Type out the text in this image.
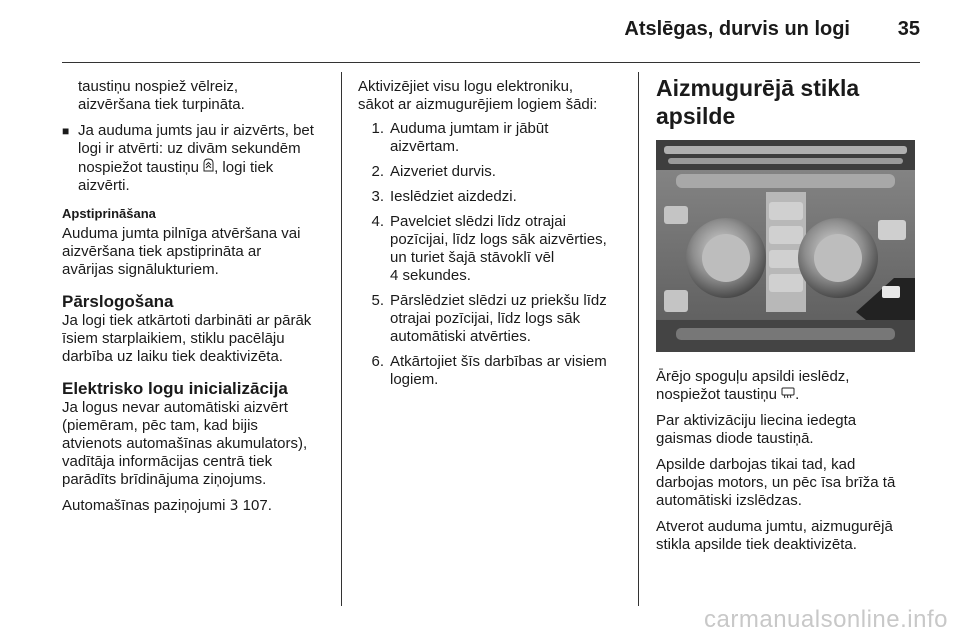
Atslēgas, durvis un logi 35
taustiņu nospiež vēlreiz,
aizvēršana tiek turpināta.
■ Ja auduma jumts jau ir aizvērts, bet
logi ir atvērti: uz divām sekundēm
nospiežot taustiņu , logi tiek
aizvērti.
Apstiprināšana
Auduma jumta pilnīga atvēršana vai
aizvēršana tiek apstiprināta ar
avārijas signālukturiem.
Pārslogošana
Ja logi tiek atkārtoti darbināti ar pārāk
īsiem starplaikiem, stiklu pacēlāju
darbība uz laiku tiek deaktivizēta.
Elektrisko logu inicializācija
Ja logus nevar automātiski aizvērt
(piemēram, pēc tam, kad bijis
atvienots automašīnas akumulators),
vadītāja informācijas centrā tiek
parādīts brīdinājuma ziņojums.
Automašīnas paziņojumi 3 107.
Aktivizējiet visu logu elektroniku,
sākot ar aizmugurējiem logiem šādi:
1. Auduma jumtam ir jābūt
aizvērtam.
2. Aizveriet durvis.
3. Ieslēdziet aizdedzi.
4. Pavelciet slēdzi līdz otrajai
pozīcijai, līdz logs sāk aizvērties,
un turiet šajā stāvoklī vēl
4 sekundes.
5. Pārslēdziet slēdzi uz priekšu līdz
otrajai pozīcijai, līdz logs sāk
automātiski atvērties.
6. Atkārtojiet šīs darbības ar visiem
logiem.
Aizmugurējā stikla apsilde
Ārējo spoguļu apsildi ieslēdz,
nospiežot taustiņu .
Par aktivizāciju liecina iedegta
gaismas diode taustiņā.
Apsilde darbojas tikai tad, kad
darbojas motors, un pēc īsa brīža tā
automātiski izslēdzas.
Atverot auduma jumtu, aizmugurējā
stikla apsilde tiek deaktivizēta.
carmanualsonline.info
